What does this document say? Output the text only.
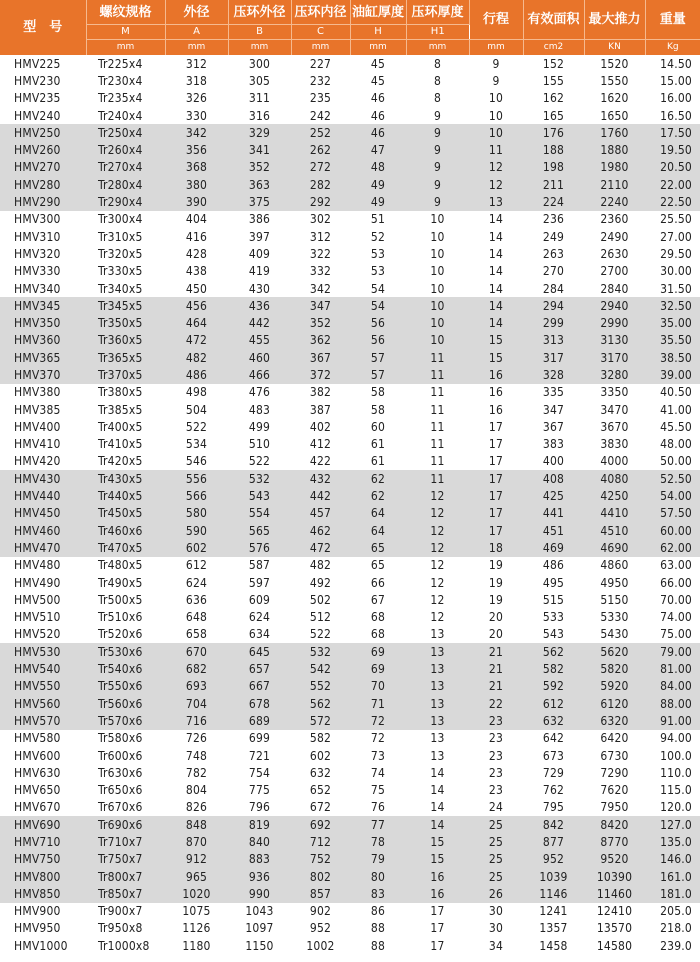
型　号	螺纹规格	外径	压环外径	压环内径	油缸厚度	压环厚度	行程	有效面积	最大推力	重量
	M	A	B	C	H	H1				
	mm	mm	mm	mm	mm	mm	mm	cm2	KN	Kg
HMV225	Tr225x4	312	300	227	45	8	9	152	1520	14.50
HMV230	Tr230x4	318	305	232	45	8	9	155	1550	15.00
HMV235	Tr235x4	326	311	235	46	8	10	162	1620	16.00
HMV240	Tr240x4	330	316	242	46	9	10	165	1650	16.50
HMV250	Tr250x4	342	329	252	46	9	10	176	1760	17.50
HMV260	Tr260x4	356	341	262	47	9	11	188	1880	19.50
HMV270	Tr270x4	368	352	272	48	9	12	198	1980	20.50
HMV280	Tr280x4	380	363	282	49	9	12	211	2110	22.00
HMV290	Tr290x4	390	375	292	49	9	13	224	2240	22.50
HMV300	Tr300x4	404	386	302	51	10	14	236	2360	25.50
HMV310	Tr310x5	416	397	312	52	10	14	249	2490	27.00
HMV320	Tr320x5	428	409	322	53	10	14	263	2630	29.50
HMV330	Tr330x5	438	419	332	53	10	14	270	2700	30.00
HMV340	Tr340x5	450	430	342	54	10	14	284	2840	31.50
HMV345	Tr345x5	456	436	347	54	10	14	294	2940	32.50
HMV350	Tr350x5	464	442	352	56	10	14	299	2990	35.00
HMV360	Tr360x5	472	455	362	56	10	15	313	3130	35.50
HMV365	Tr365x5	482	460	367	57	11	15	317	3170	38.50
HMV370	Tr370x5	486	466	372	57	11	16	328	3280	39.00
HMV380	Tr380x5	498	476	382	58	11	16	335	3350	40.50
HMV385	Tr385x5	504	483	387	58	11	16	347	3470	41.00
HMV400	Tr400x5	522	499	402	60	11	17	367	3670	45.50
HMV410	Tr410x5	534	510	412	61	11	17	383	3830	48.00
HMV420	Tr420x5	546	522	422	61	11	17	400	4000	50.00
HMV430	Tr430x5	556	532	432	62	11	17	408	4080	52.50
HMV440	Tr440x5	566	543	442	62	12	17	425	4250	54.00
HMV450	Tr450x5	580	554	457	64	12	17	441	4410	57.50
HMV460	Tr460x6	590	565	462	64	12	17	451	4510	60.00
HMV470	Tr470x5	602	576	472	65	12	18	469	4690	62.00
HMV480	Tr480x5	612	587	482	65	12	19	486	4860	63.00
HMV490	Tr490x5	624	597	492	66	12	19	495	4950	66.00
HMV500	Tr500x5	636	609	502	67	12	19	515	5150	70.00
HMV510	Tr510x6	648	624	512	68	12	20	533	5330	74.00
HMV520	Tr520x6	658	634	522	68	13	20	543	5430	75.00
HMV530	Tr530x6	670	645	532	69	13	21	562	5620	79.00
HMV540	Tr540x6	682	657	542	69	13	21	582	5820	81.00
HMV550	Tr550x6	693	667	552	70	13	21	592	5920	84.00
HMV560	Tr560x6	704	678	562	71	13	22	612	6120	88.00
HMV570	Tr570x6	716	689	572	72	13	23	632	6320	91.00
HMV580	Tr580x6	726	699	582	72	13	23	642	6420	94.00
HMV600	Tr600x6	748	721	602	73	13	23	673	6730	100.0
HMV630	Tr630x6	782	754	632	74	14	23	729	7290	110.0
HMV650	Tr650x6	804	775	652	75	14	23	762	7620	115.0
HMV670	Tr670x6	826	796	672	76	14	24	795	7950	120.0
HMV690	Tr690x6	848	819	692	77	14	25	842	8420	127.0
HMV710	Tr710x7	870	840	712	78	15	25	877	8770	135.0
HMV750	Tr750x7	912	883	752	79	15	25	952	9520	146.0
HMV800	Tr800x7	965	936	802	80	16	25	1039	10390	161.0
HMV850	Tr850x7	1020	990	857	83	16	26	1146	11460	181.0
HMV900	Tr900x7	1075	1043	902	86	17	30	1241	12410	205.0
HMV950	Tr950x8	1126	1097	952	88	17	30	1357	13570	218.0
HMV1000	Tr1000x8	1180	1150	1002	88	17	34	1458	14580	239.0
